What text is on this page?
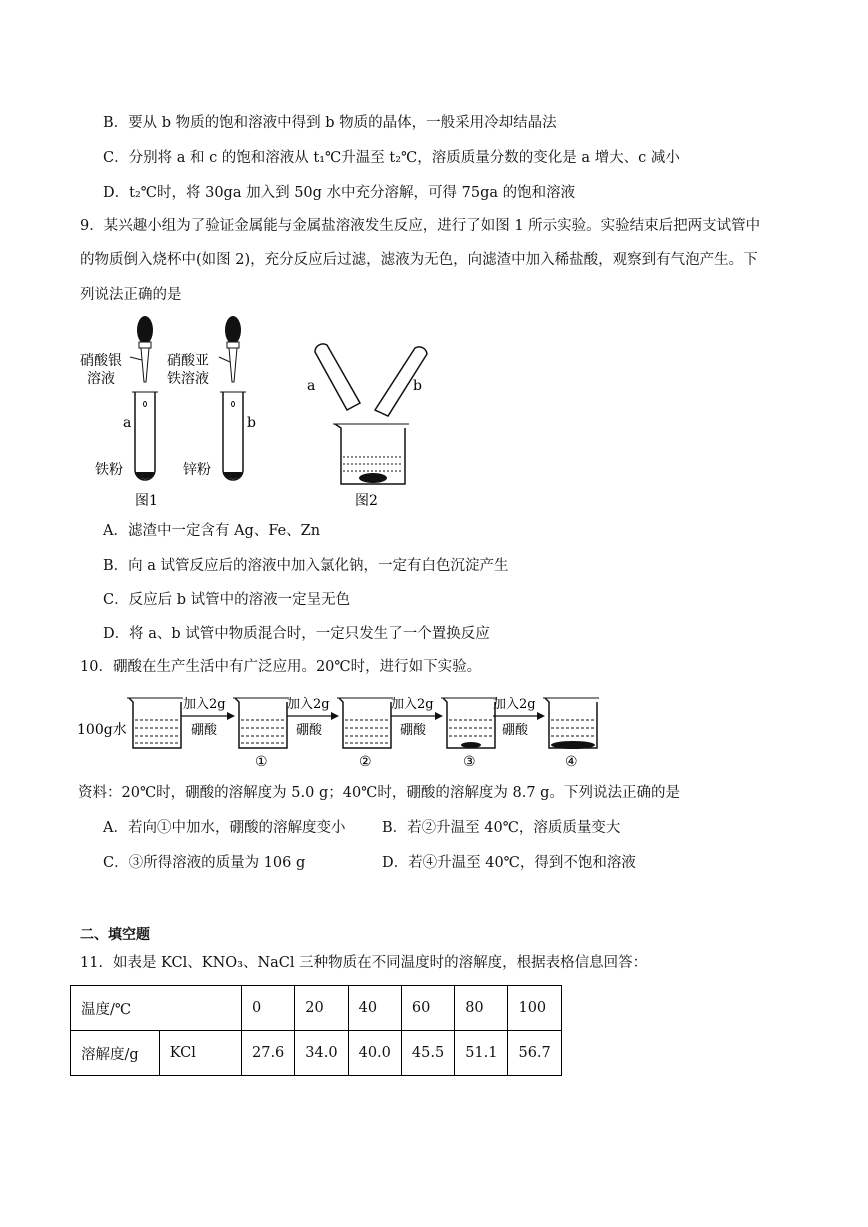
B．要从 b 物质的饱和溶液中得到 b 物质的晶体，一般采用冷却结晶法
C．分别将 a 和 c 的饱和溶液从 t₁℃升温至 t₂℃，溶质质量分数的变化是 a 增大、c 减小
D．t₂℃时，将 30ga 加入到 50g 水中充分溶解，可得 75ga 的饱和溶液
9．某兴趣小组为了验证金属能与金属盐溶液发生反应，进行了如图 1 所示实验。实验结束后把两支试管中
的物质倒入烧杯中(如图 2)，充分反应后过滤，滤液为无色，向滤渣中加入稀盐酸，观察到有气泡产生。下
列说法正确的是
硝酸银
溶液
a
铁粉
图1
硝酸亚
铁溶液
b
锌粉
a	b
图2
A．滤渣中一定含有 Ag、Fe、Zn
B．向 a 试管反应后的溶液中加入氯化钠，一定有白色沉淀产生
C．反应后 b 试管中的溶液一定呈无色
D．将 a、b 试管中物质混合时，一定只发生了一个置换反应
10．硼酸在生产生活中有广泛应用。20℃时，进行如下实验。
100g水
加入2g
硼酸
①
加入2g
硼酸
②
加入2g
硼酸
③
加入2g
硼酸
④
资料：20℃时，硼酸的溶解度为 5.0 g；40℃时，硼酸的溶解度为 8.7 g。下列说法正确的是
A．若向①中加水，硼酸的溶解度变小	B．若②升温至 40℃，溶质质量变大
C．③所得溶液的质量为 106 g	D．若④升温至 40℃，得到不饱和溶液
二、填空题
11．如表是 KCl、KNO₃、NaCl 三种物质在不同温度时的溶解度，根据表格信息回答：
温度/℃		0	20	40	60	80	100
溶解度/g	KCl	27.6	34.0	40.0	45.5	51.1	56.7
